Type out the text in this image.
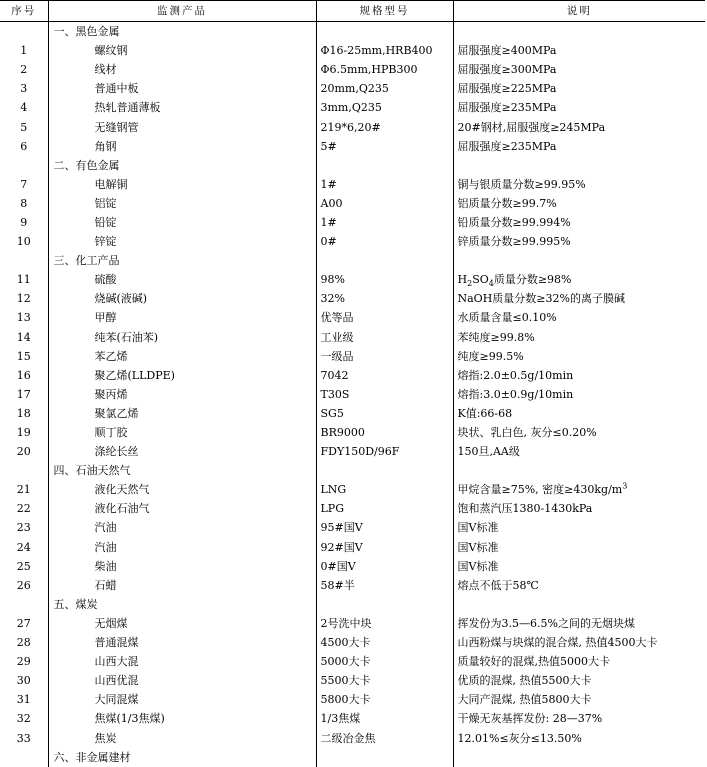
序号	监测产品	规格型号	说明
	一、黑色金属		
1	螺纹钢	Φ16-25mm,HRB400	屈服强度≥400MPa
2	线材	Φ6.5mm,HPB300	屈服强度≥300MPa
3	普通中板	20mm,Q235	屈服强度≥225MPa
4	热轧普通薄板	3mm,Q235	屈服强度≥235MPa
5	无缝钢管	219*6,20#	20#钢材,屈服强度≥245MPa
6	角钢	5#	屈服强度≥235MPa
	二、有色金属		
7	电解铜	1#	铜与银质量分数≥99.95%
8	铝锭	A00	铝质量分数≥99.7%
9	铅锭	1#	铅质量分数≥99.994%
10	锌锭	0#	锌质量分数≥99.995%
	三、化工产品		
11	硫酸	98%	$H_2SO_4$质量分数≥98%
12	烧碱(液碱)	32%	NaOH质量分数≥32%的离子膜碱
13	甲醇	优等品	水质量含量≤0.10%
14	纯苯(石油苯)	工业级	苯纯度≥99.8%
15	苯乙烯	一级品	纯度≥99.5%
16	聚乙烯(LLDPE)	7042	熔指:2.0±0.5g/10min
17	聚丙烯	T30S	熔指:3.0±0.9g/10min
18	聚氯乙烯	SG5	K值:66-68
19	顺丁胶	BR9000	块状、乳白色, 灰分≤0.20%
20	涤纶长丝	FDY150D/96F	150旦,AA级
	四、石油天然气		
21	液化天然气	LNG	甲烷含量≥75%, 密度$\ge 430kg/m^3$
22	液化石油气	LPG	饱和蒸汽压1380-1430kPa
23	汽油	95#国Ⅴ	国Ⅴ标准
24	汽油	92#国Ⅴ	国Ⅴ标准
25	柴油	0#国Ⅴ	国Ⅴ标准
26	石蜡	58#半	熔点不低于58℃
	五、煤炭		
27	无烟煤	2号洗中块	挥发份为3.5—6.5%之间的无烟块煤
28	普通混煤	4500大卡	山西粉煤与块煤的混合煤, 热值4500大卡
29	山西大混	5000大卡	质量较好的混煤,热值5000大卡
30	山西优混	5500大卡	优质的混煤, 热值5500大卡
31	大同混煤	5800大卡	大同产混煤, 热值5800大卡
32	焦煤(1/3焦煤)	1/3焦煤	干燥无灰基挥发份: 28—37%
33	焦炭	二级冶金焦	12.01%≤灰分≤13.50%
	六、非金属建材		
